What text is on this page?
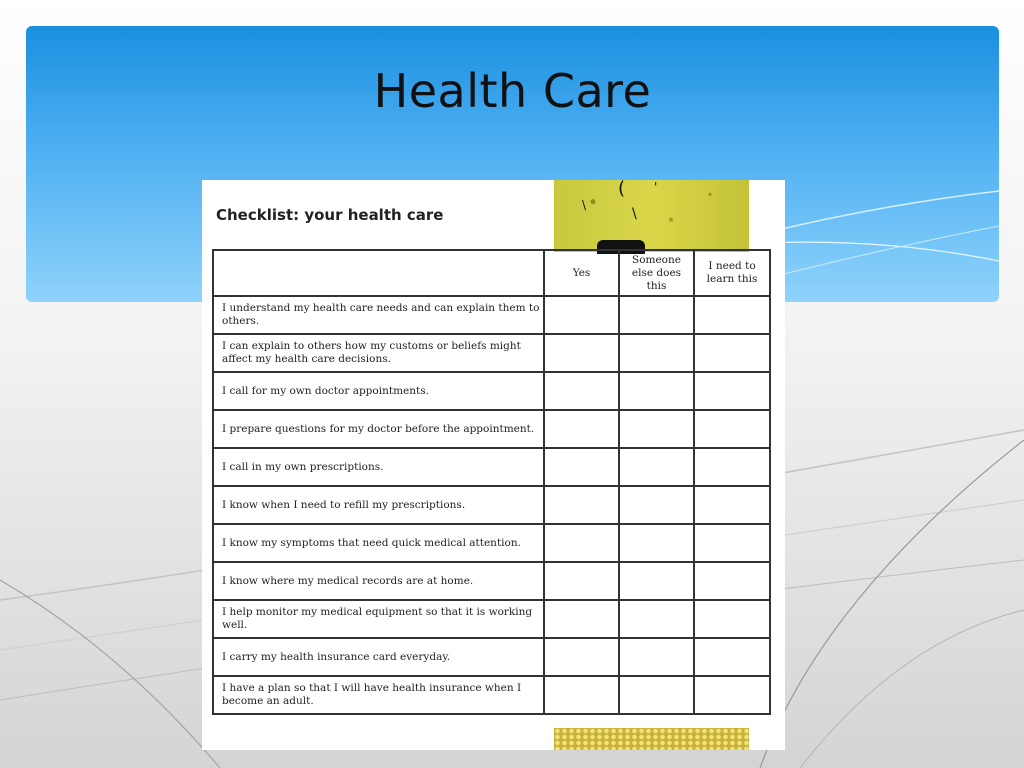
Health Care
(
\
\
'
Checklist: your health care
	Yes	Someone else does this	I need to learn this
I understand my health care needs and can explain them to others.			
I can explain to others how my customs or beliefs might affect my health care decisions.			
I call for my own doctor appointments.			
I prepare questions for my doctor before the appointment.			
I call in my own prescriptions.			
I know when I need to refill my prescriptions.			
I know my symptoms that need quick medical attention.			
I know where my medical records are at home.			
I help monitor my medical equipment so that it is working well.			
I carry my health insurance card everyday.			
I have a plan so that I will have health insurance when I become an adult.			
